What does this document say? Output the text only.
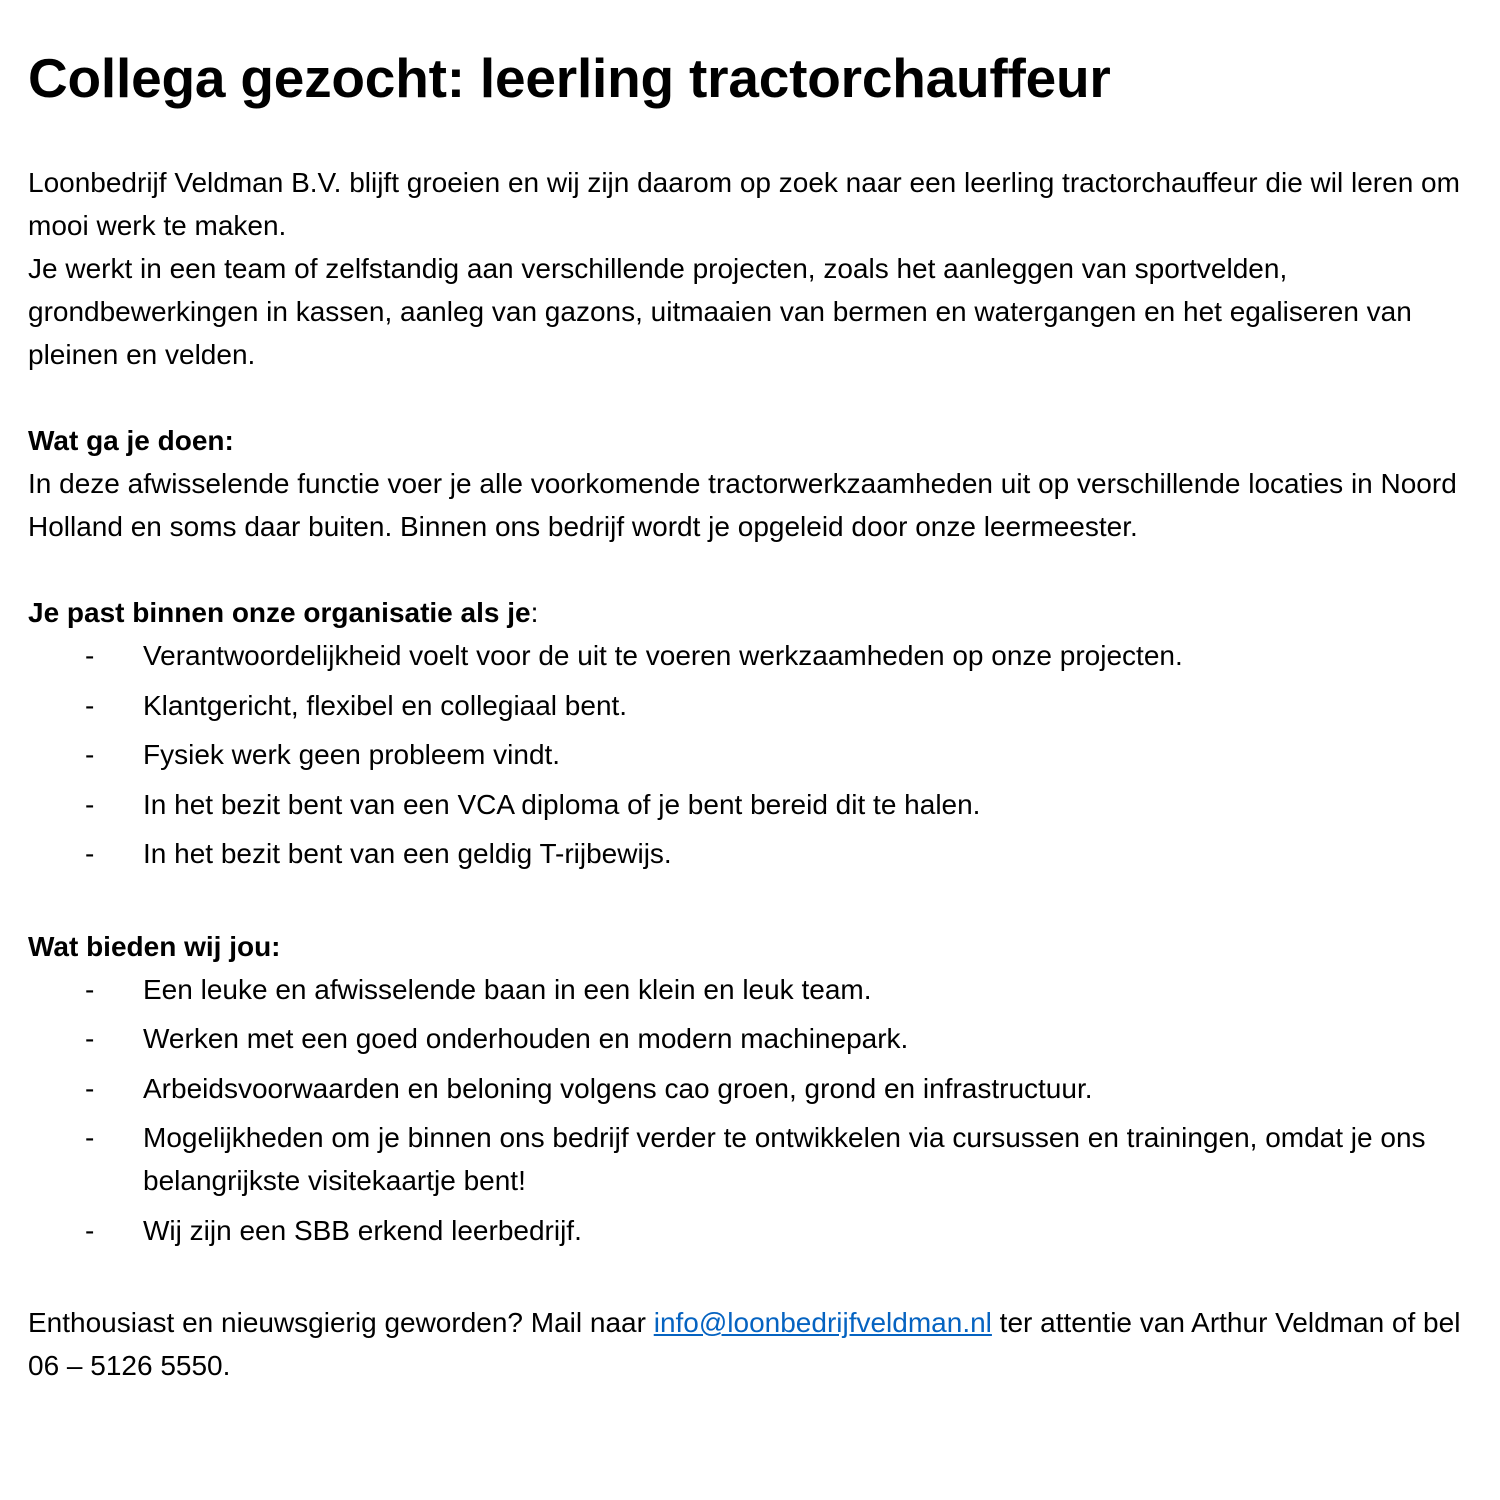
Collega gezocht: leerling tractorchauffeur

Loonbedrijf Veldman B.V. blijft groeien en wij zijn daarom op zoek naar een leerling tractorchauffeur die wil leren om mooi werk te maken.

Je werkt in een team of zelfstandig aan verschillende projecten, zoals het aanleggen van sportvelden, grondbewerkingen in kassen, aanleg van gazons, uitmaaien van bermen en watergangen en het egaliseren van pleinen en velden.

Wat ga je doen:

In deze afwisselende functie voer je alle voorkomende tractorwerkzaamheden uit op verschillende locaties in Noord Holland en soms daar buiten. Binnen ons bedrijf wordt je opgeleid door onze leermeester.

Je past binnen onze organisatie als je:

- Verantwoordelijkheid voelt voor de uit te voeren werkzaamheden op onze projecten.
- Klantgericht, flexibel en collegiaal bent.
- Fysiek werk geen probleem vindt.
- In het bezit bent van een VCA diploma of je bent bereid dit te halen.
- In het bezit bent van een geldig T-rijbewijs.

Wat bieden wij jou:

- Een leuke en afwisselende baan in een klein en leuk team.
- Werken met een goed onderhouden en modern machinepark.
- Arbeidsvoorwaarden en beloning volgens cao groen, grond en infrastructuur.
- Mogelijkheden om je binnen ons bedrijf verder te ontwikkelen via cursussen en trainingen, omdat je ons belangrijkste visitekaartje bent!
- Wij zijn een SBB erkend leerbedrijf.

Enthousiast en nieuwsgierig geworden? Mail naar info@loonbedrijfveldman.nl ter attentie van Arthur Veldman of bel 06 – 5126 5550.
